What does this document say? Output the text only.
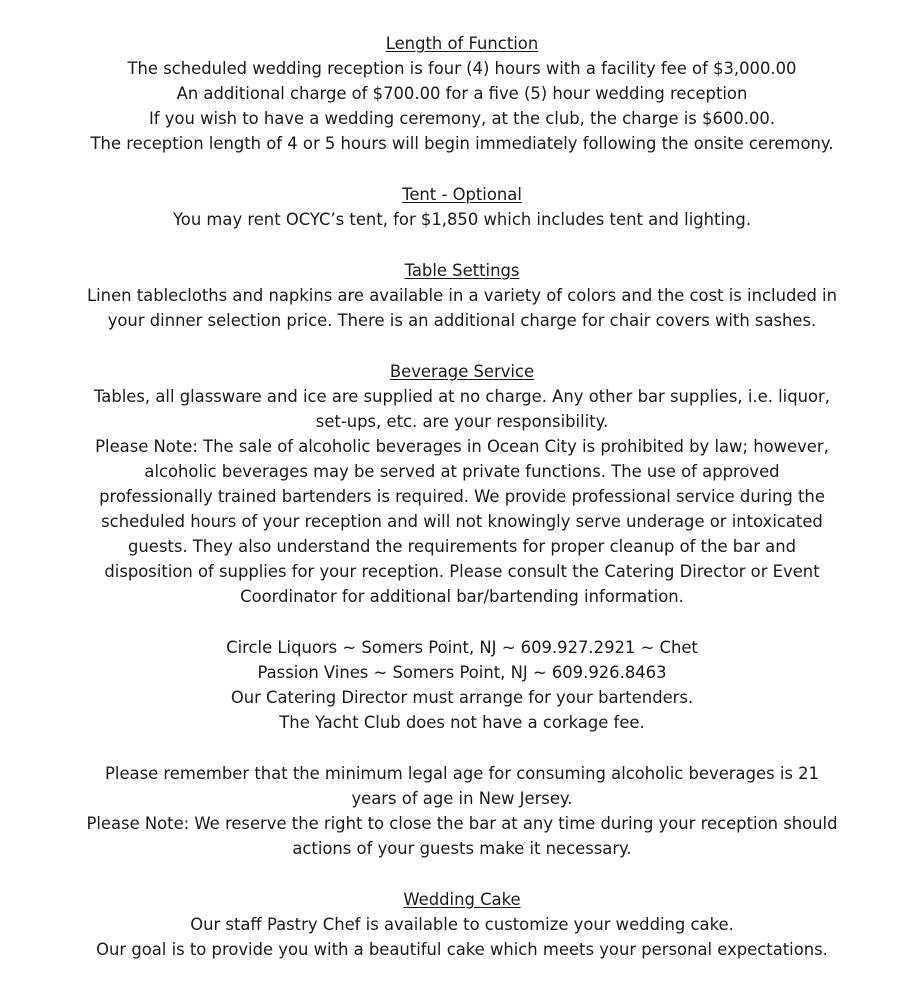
Length of Function
The scheduled wedding reception is four (4) hours with a facility fee of $3,000.00
An additional charge of $700.00 for a five (5) hour wedding reception
If you wish to have a wedding ceremony, at the club, the charge is $600.00.
The reception length of 4 or 5 hours will begin immediately following the onsite ceremony.
Tent - Optional
You may rent OCYC’s tent, for $1,850 which includes tent and lighting.
Table Settings
Linen tablecloths and napkins are available in a variety of colors and the cost is included in
your dinner selection price. There is an additional charge for chair covers with sashes.
Beverage Service
Tables, all glassware and ice are supplied at no charge. Any other bar supplies, i.e. liquor,
set-ups, etc. are your responsibility.
Please Note: The sale of alcoholic beverages in Ocean City is prohibited by law; however,
alcoholic beverages may be served at private functions. The use of approved
professionally trained bartenders is required. We provide professional service during the
scheduled hours of your reception and will not knowingly serve underage or intoxicated
guests. They also understand the requirements for proper cleanup of the bar and
disposition of supplies for your reception. Please consult the Catering Director or Event
Coordinator for additional bar/bartending information.
Circle Liquors ~ Somers Point, NJ ~ 609.927.2921 ~ Chet
Passion Vines ~ Somers Point, NJ ~ 609.926.8463
Our Catering Director must arrange for your bartenders.
The Yacht Club does not have a corkage fee.
Please remember that the minimum legal age for consuming alcoholic beverages is 21
years of age in New Jersey.
Please Note: We reserve the right to close the bar at any time during your reception should
actions of your guests make it necessary.
Wedding Cake
Our staff Pastry Chef is available to customize your wedding cake.
Our goal is to provide you with a beautiful cake which meets your personal expectations.
